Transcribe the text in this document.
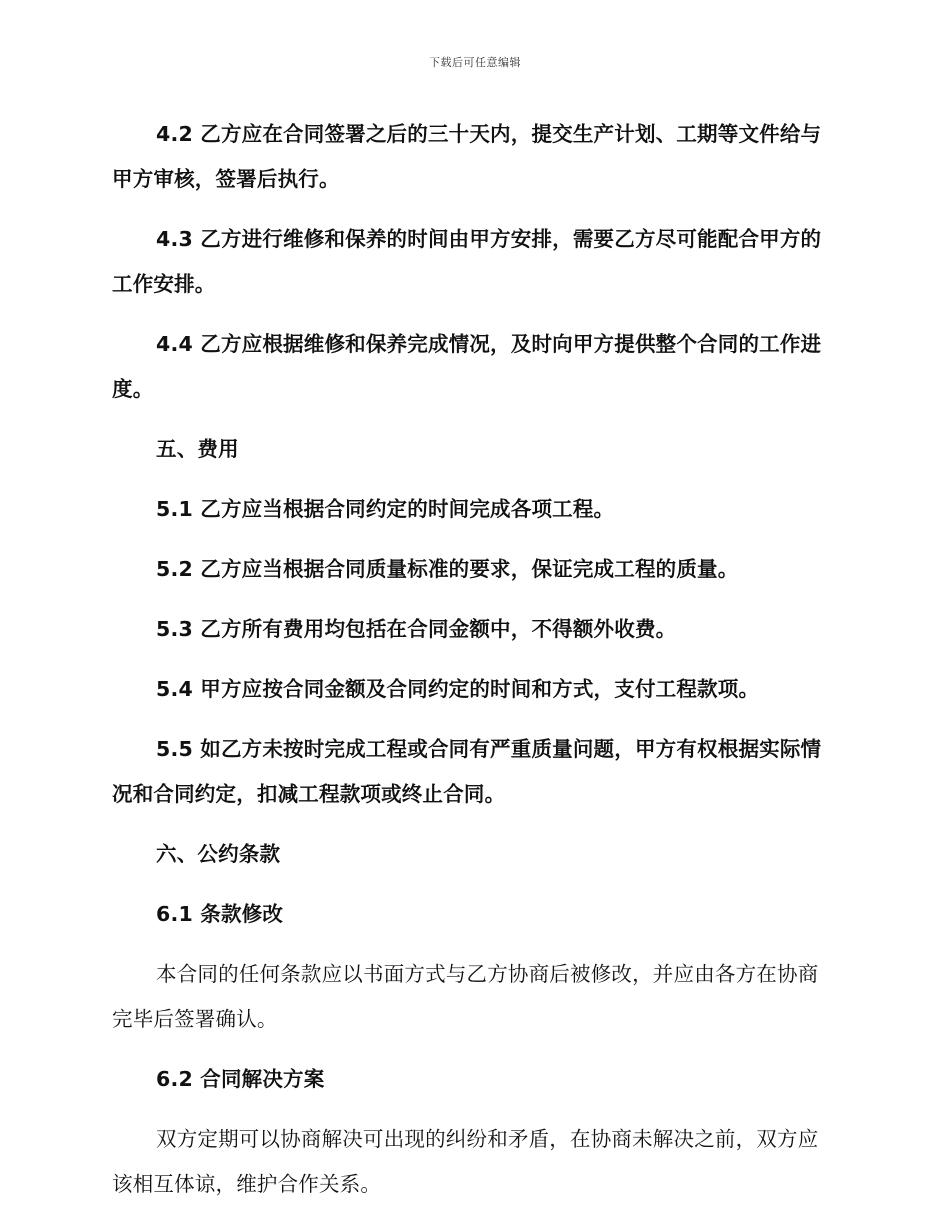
下载后可任意编辑

4.2 乙方应在合同签署之后的三十天内，提交生产计划、工期等文件给与甲方审核，签署后执行。

4.3 乙方进行维修和保养的时间由甲方安排，需要乙方尽可能配合甲方的工作安排。

4.4 乙方应根据维修和保养完成情况，及时向甲方提供整个合同的工作进度。

五、费用

5.1 乙方应当根据合同约定的时间完成各项工程。

5.2 乙方应当根据合同质量标准的要求，保证完成工程的质量。

5.3 乙方所有费用均包括在合同金额中，不得额外收费。

5.4 甲方应按合同金额及合同约定的时间和方式，支付工程款项。

5.5 如乙方未按时完成工程或合同有严重质量问题，甲方有权根据实际情况和合同约定，扣减工程款项或终止合同。

六、公约条款

6.1 条款修改

本合同的任何条款应以书面方式与乙方协商后被修改，并应由各方在协商完毕后签署确认。

6.2 合同解决方案

双方定期可以协商解决可出现的纠纷和矛盾，在协商未解决之前，双方应该相互体谅，维护合作关系。
